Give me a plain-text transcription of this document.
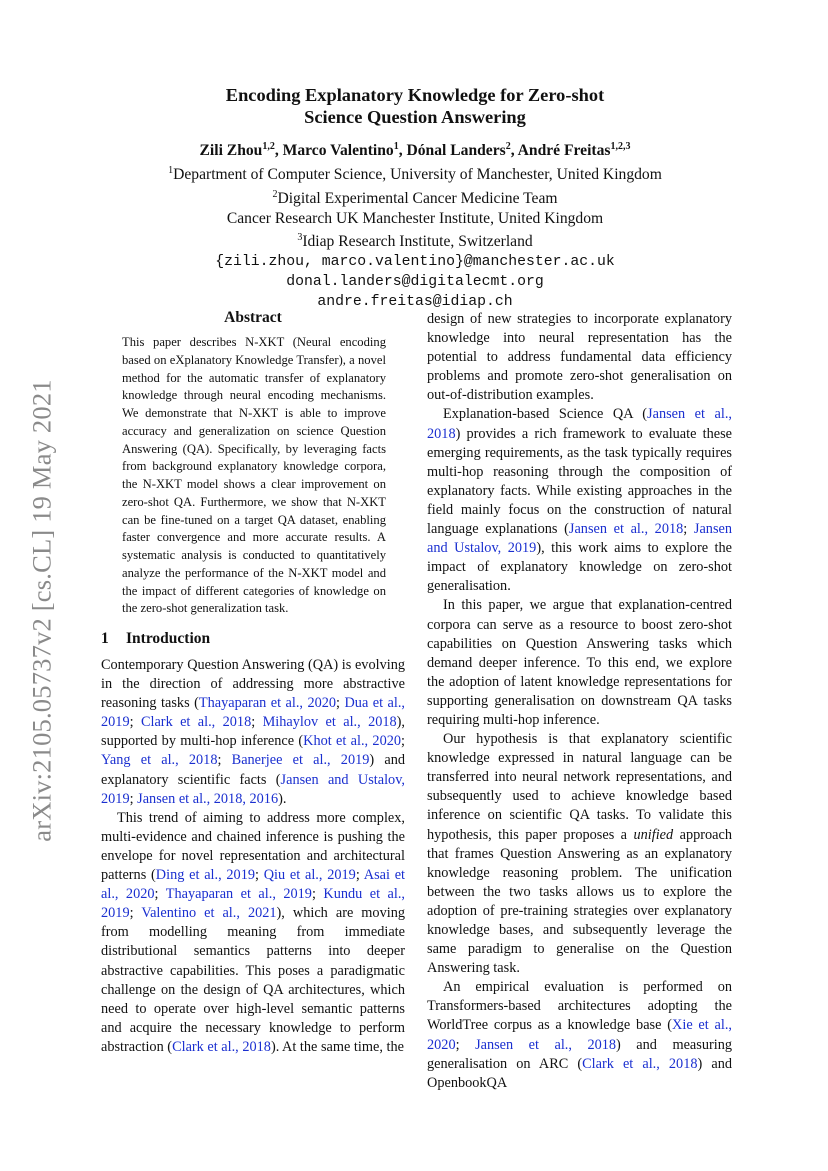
arXiv:2105.05737v2 [cs.CL] 19 May 2021
Encoding Explanatory Knowledge for Zero-shot
Science Question Answering
Zili Zhou$^{1,2}$, Marco Valentino$^1$, Dónal Landers$^2$, André Freitas$^{1,2,3}$
$^1$Department of Computer Science, University of Manchester, United Kingdom
$^2$Digital Experimental Cancer Medicine Team
Cancer Research UK Manchester Institute, United Kingdom
$^3$Idiap Research Institute, Switzerland
{zili.zhou, marco.valentino}@manchester.ac.uk
donal.landers@digitalecmt.org
andre.freitas@idiap.ch
Abstract

This paper describes N-XKT (Neural encoding based on eXplanatory Knowledge Transfer), a novel method for the automatic transfer of explanatory knowledge through neural encoding mechanisms. We demonstrate that N-XKT is able to improve accuracy and generalization on science Question Answering (QA). Specifically, by leveraging facts from background explanatory knowledge corpora, the N-XKT model shows a clear improvement on zero-shot QA. Furthermore, we show that N-XKT can be fine-tuned on a target QA dataset, enabling faster convergence and more accurate results. A systematic analysis is conducted to quantitatively analyze the performance of the N-XKT model and the impact of different categories of knowledge on the zero-shot generalization task.

1 Introduction

Contemporary Question Answering (QA) is evolving in the direction of addressing more abstractive reasoning tasks (Thayaparan et al., 2020; Dua et al., 2019; Clark et al., 2018; Mihaylov et al., 2018), supported by multi-hop inference (Khot et al., 2020; Yang et al., 2018; Banerjee et al., 2019) and explanatory scientific facts (Jansen and Ustalov, 2019; Jansen et al., 2018, 2016).

This trend of aiming to address more complex, multi-evidence and chained inference is pushing the envelope for novel representation and architectural patterns (Ding et al., 2019; Qiu et al., 2019; Asai et al., 2020; Thayaparan et al., 2019; Kundu et al., 2019; Valentino et al., 2021), which are moving from modelling meaning from immediate distributional semantics patterns into deeper abstractive capabilities. This poses a paradigmatic challenge on the design of QA architectures, which need to operate over high-level semantic patterns and acquire the necessary knowledge to perform abstraction (Clark et al., 2018). At the same time, the

design of new strategies to incorporate explanatory knowledge into neural representation has the potential to address fundamental data efficiency problems and promote zero-shot generalisation on out-of-distribution examples.

Explanation-based Science QA (Jansen et al., 2018) provides a rich framework to evaluate these emerging requirements, as the task typically requires multi-hop reasoning through the composition of explanatory facts. While existing approaches in the field mainly focus on the construction of natural language explanations (Jansen et al., 2018; Jansen and Ustalov, 2019), this work aims to explore the impact of explanatory knowledge on zero-shot generalisation.

In this paper, we argue that explanation-centred corpora can serve as a resource to boost zero-shot capabilities on Question Answering tasks which demand deeper inference. To this end, we explore the adoption of latent knowledge representations for supporting generalisation on downstream QA tasks requiring multi-hop inference.

Our hypothesis is that explanatory scientific knowledge expressed in natural language can be transferred into neural network representations, and subsequently used to achieve knowledge based inference on scientific QA tasks. To validate this hypothesis, this paper proposes a unified approach that frames Question Answering as an explanatory knowledge reasoning problem. The unification between the two tasks allows us to explore the adoption of pre-training strategies over explanatory knowledge bases, and subsequently leverage the same paradigm to generalise on the Question Answering task.

An empirical evaluation is performed on Transformers-based architectures adopting the WorldTree corpus as a knowledge base (Xie et al., 2020; Jansen et al., 2018) and measuring generalisation on ARC (Clark et al., 2018) and OpenbookQA
